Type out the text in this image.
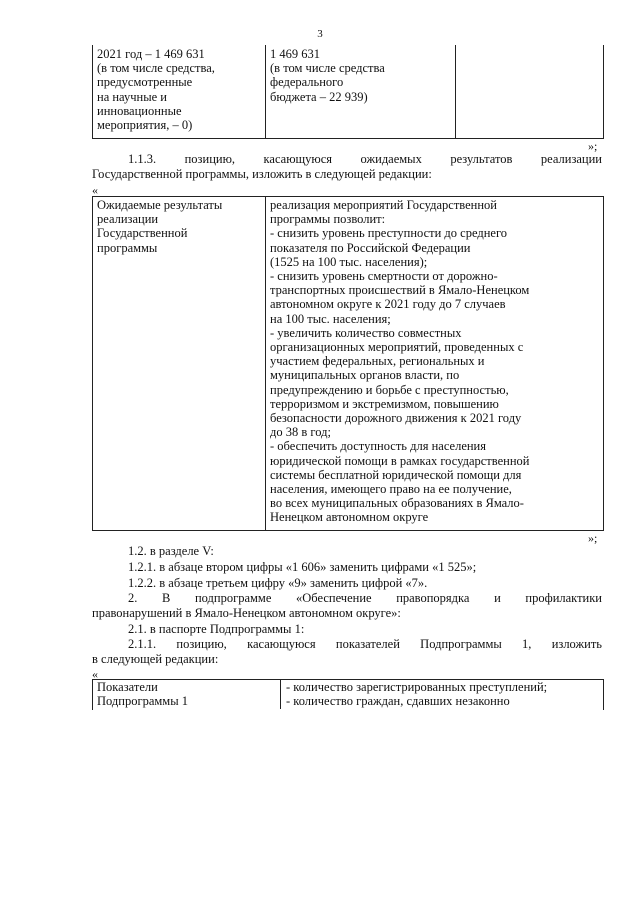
3
2021 год – 1 469 631
(в том числе средства,
предусмотренные
на научные и
инновационные
мероприятия, – 0)
1 469 631
(в том числе средства
федерального
бюджета – 22 939)
»;
1.1.3. позицию, касающуюся ожидаемых результатов реализации
Государственной программы, изложить в следующей редакции:
«
Ожидаемые результаты
реализации
Государственной
программы
реализация мероприятий Государственной
программы позволит:
- снизить уровень преступности до среднего
показателя по Российской Федерации
(1525 на 100 тыс. населения);
- снизить уровень смертности от дорожно-
транспортных происшествий в Ямало-Ненецком
автономном округе к 2021 году до 7 случаев
на 100 тыс. населения;
- увеличить количество совместных
организационных мероприятий, проведенных с
участием федеральных, региональных и
муниципальных органов власти, по
предупреждению и борьбе с преступностью,
терроризмом и экстремизмом, повышению
безопасности дорожного движения к 2021 году
до 38 в год;
- обеспечить доступность для населения
юридической помощи в рамках государственной
системы бесплатной юридической помощи для
населения, имеющего право на ее получение,
во всех муниципальных образованиях в Ямало-
Ненецком автономном округе
»;
1.2. в разделе V:
1.2.1. в абзаце втором цифры «1 606» заменить цифрами «1 525»;
1.2.2. в абзаце третьем цифру «9» заменить цифрой «7».
2. В подпрограмме «Обеспечение правопорядка и профилактики
правонарушений в Ямало-Ненецком автономном округе»:
2.1. в паспорте Подпрограммы 1:
2.1.1. позицию, касающуюся показателей Подпрограммы 1, изложить
в следующей редакции:
«
Показатели
Подпрограммы 1
- количество зарегистрированных преступлений;
- количество граждан, сдавших незаконно
